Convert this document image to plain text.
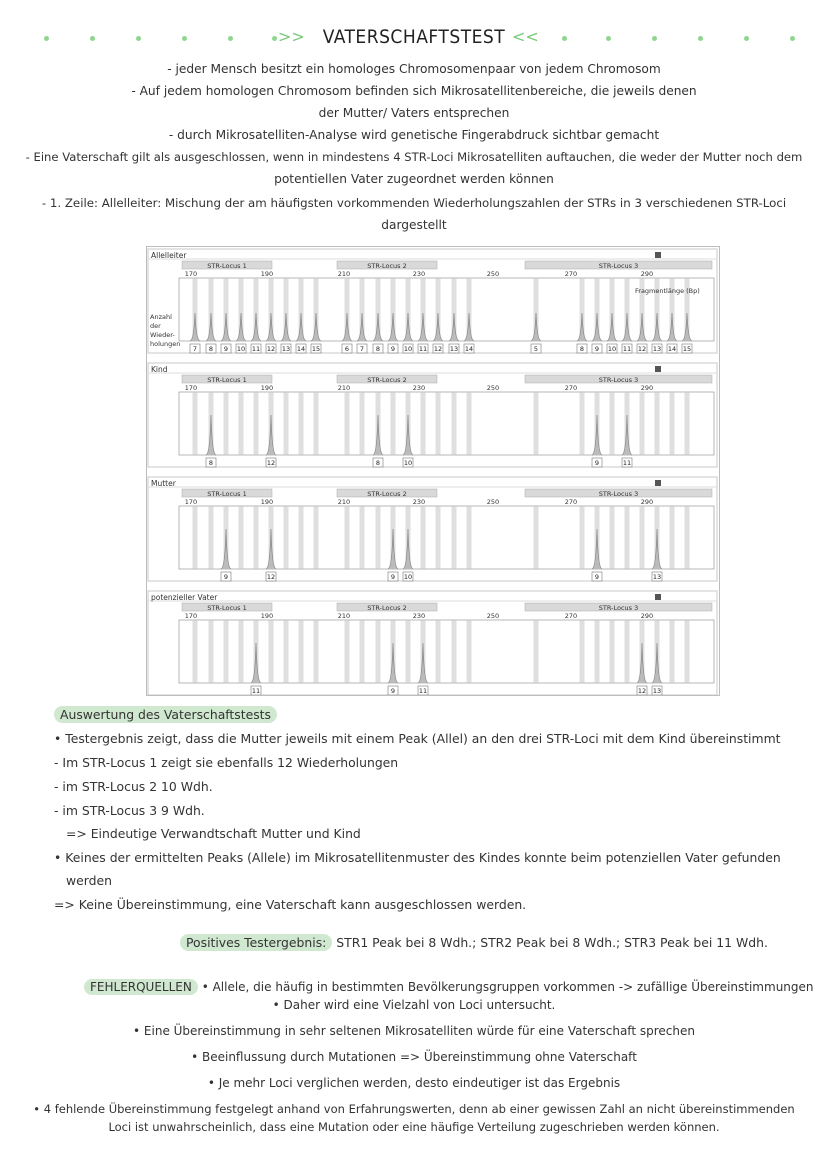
>>	<<
VATERSCHAFTSTEST
- jeder Mensch besitzt ein homologes Chromosomenpaar von jedem Chromosom
- Auf jedem homologen Chromosom befinden sich Mikrosatellitenbereiche, die jeweils denen
der Mutter/ Vaters entsprechen
- durch Mikrosatelliten-Analyse wird genetische Fingerabdruck sichtbar gemacht
- Eine Vaterschaft gilt als ausgeschlossen, wenn in mindestens 4 STR-Loci Mikrosatelliten auftauchen, die weder der Mutter noch dem
potentiellen Vater zugeordnet werden können
- 1. Zeile: Allelleiter: Mischung der am häufigsten vorkommenden Wiederholungszahlen der STRs in 3 verschiedenen STR-Loci
dargestellt
Allelleiter
STR-Locus 1	STR-Locus 2	STR-Locus 3
170	190	210	230	250	270	290
7 8 9 10 11 12 13 14 15	6 7 8 9 10 11 12 13 14	5	8 9 10 11 12 13 14 15
Anzahl
der
Wieder-
holungen
Fragmentlänge (Bp)
Kind
STR-Locus 1	STR-Locus 2	STR-Locus 3
170	190	210	230	250	270	290
8	12	8	10	9	11
Mutter
STR-Locus 1	STR-Locus 2	STR-Locus 3
170	190	210	230	250	270	290
9	12	9 10	9	13
potenzieller Vater
STR-Locus 1	STR-Locus 2	STR-Locus 3
170	190	210	230	250	270	290
11	9	11	12 13
Auswertung des Vaterschaftstests
• Testergebnis zeigt, dass die Mutter jeweils mit einem Peak (Allel) an den drei STR-Loci mit dem Kind übereinstimmt
- Im STR-Locus 1 zeigt sie ebenfalls 12 Wiederholungen
- im STR-Locus 2 10 Wdh.
- im STR-Locus 3 9 Wdh.
=> Eindeutige Verwandtschaft Mutter und Kind
• Keines der ermittelten Peaks (Allele) im Mikrosatellitenmuster des Kindes konnte beim potenziellen Vater gefunden
werden
=> Keine Übereinstimmung, eine Vaterschaft kann ausgeschlossen werden.
Positives Testergebnis: STR1 Peak bei 8 Wdh.; STR2 Peak bei 8 Wdh.; STR3 Peak bei 11 Wdh.
FEHLERQUELLEN • Allele, die häufig in bestimmten Bevölkerungsgruppen vorkommen -> zufällige Übereinstimmungen
• Daher wird eine Vielzahl von Loci untersucht.
• Eine Übereinstimmung in sehr seltenen Mikrosatelliten würde für eine Vaterschaft sprechen
• Beeinflussung durch Mutationen => Übereinstimmung ohne Vaterschaft
• Je mehr Loci verglichen werden, desto eindeutiger ist das Ergebnis
• 4 fehlende Übereinstimmung festgelegt anhand von Erfahrungswerten, denn ab einer gewissen Zahl an nicht übereinstimmenden
Loci ist unwahrscheinlich, dass eine Mutation oder eine häufige Verteilung zugeschrieben werden können.
